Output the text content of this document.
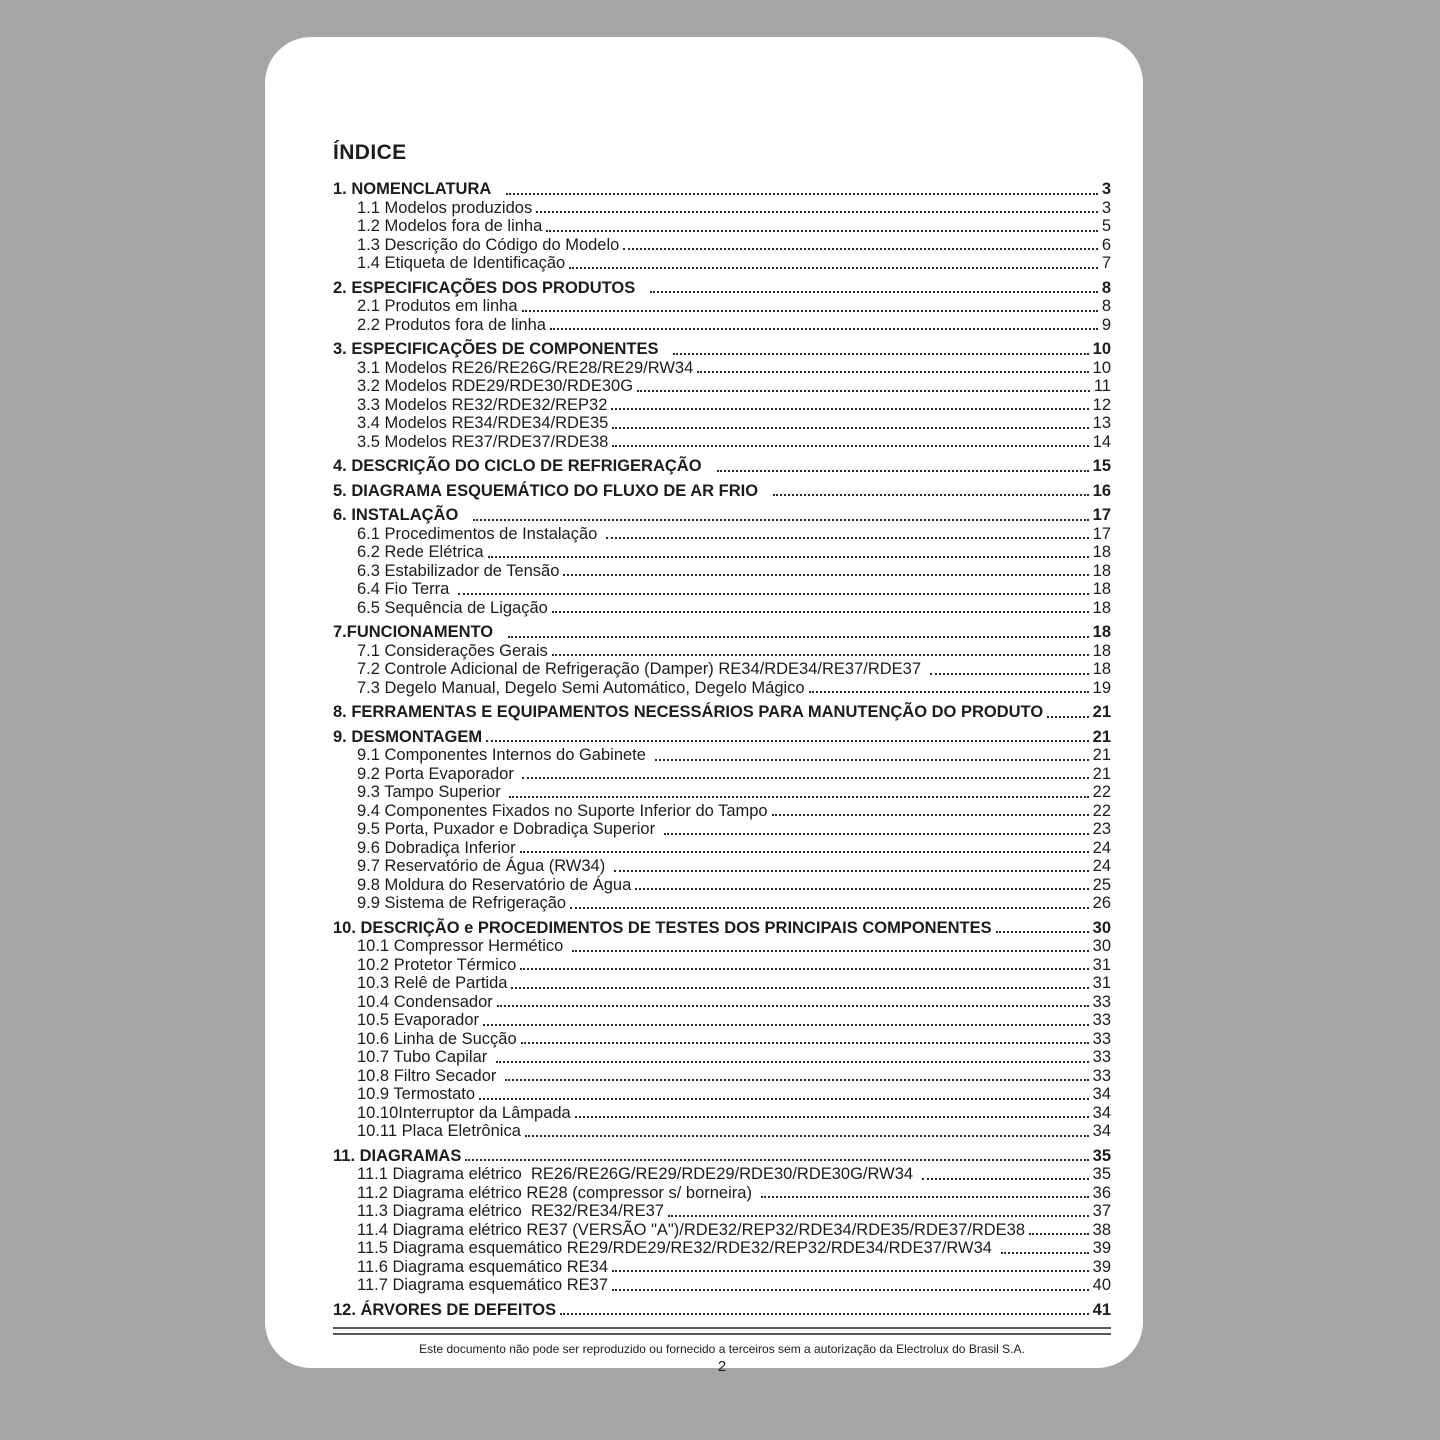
ÍNDICE
1. NOMENCLATURA	3
1.1 Modelos produzidos	3
1.2 Modelos fora de linha	5
1.3 Descrição do Código do Modelo	6
1.4 Etiqueta de Identificação	7
2. ESPECIFICAÇÕES DOS PRODUTOS	8
2.1 Produtos em linha	8
2.2 Produtos fora de linha	9
3. ESPECIFICAÇÕES DE COMPONENTES	10
3.1 Modelos RE26/RE26G/RE28/RE29/RW34	10
3.2 Modelos RDE29/RDE30/RDE30G	11
3.3 Modelos RE32/RDE32/REP32	12
3.4 Modelos RE34/RDE34/RDE35	13
3.5 Modelos RE37/RDE37/RDE38	14
4. DESCRIÇÃO DO CICLO DE REFRIGERAÇÃO	15
5. DIAGRAMA ESQUEMÁTICO DO FLUXO DE AR FRIO	16
6. INSTALAÇÃO	17
6.1 Procedimentos de Instalação	17
6.2 Rede Elétrica	18
6.3 Estabilizador de Tensão	18
6.4 Fio Terra	18
6.5 Sequência de Ligação	18
7.FUNCIONAMENTO	18
7.1 Considerações Gerais	18
7.2 Controle Adicional de Refrigeração (Damper) RE34/RDE34/RE37/RDE37	18
7.3 Degelo Manual, Degelo Semi Automático, Degelo Mágico	19
8. FERRAMENTAS E EQUIPAMENTOS NECESSÁRIOS PARA MANUTENÇÃO DO PRODUTO	21
9. DESMONTAGEM	21
9.1 Componentes Internos do Gabinete	21
9.2 Porta Evaporador	21
9.3 Tampo Superior	22
9.4 Componentes Fixados no Suporte Inferior do Tampo	22
9.5 Porta, Puxador e Dobradiça Superior	23
9.6 Dobradiça Inferior	24
9.7 Reservatório de Água (RW34)	24
9.8 Moldura do Reservatório de Água	25
9.9 Sistema de Refrigeração	26
10. DESCRIÇÃO e PROCEDIMENTOS DE TESTES DOS PRINCIPAIS COMPONENTES	30
10.1 Compressor Hermético	30
10.2 Protetor Térmico	31
10.3 Relê de Partida	31
10.4 Condensador	33
10.5 Evaporador	33
10.6 Linha de Sucção	33
10.7 Tubo Capilar	33
10.8 Filtro Secador	33
10.9 Termostato	34
10.10Interruptor da Lâmpada	34
10.11 Placa Eletrônica	34
11. DIAGRAMAS	35
11.1 Diagrama elétrico  RE26/RE26G/RE29/RDE29/RDE30/RDE30G/RW34	35
11.2 Diagrama elétrico RE28 (compressor s/ borneira)	36
11.3 Diagrama elétrico  RE32/RE34/RE37	37
11.4 Diagrama elétrico RE37 (VERSÃO "A")/RDE32/REP32/RDE34/RDE35/RDE37/RDE38	38
11.5 Diagrama esquemático RE29/RDE29/RE32/RDE32/REP32/RDE34/RDE37/RW34	39
11.6 Diagrama esquemático RE34	39
11.7 Diagrama esquemático RE37	40
12. ÁRVORES DE DEFEITOS	41

Este documento não pode ser reproduzido ou fornecido a terceiros sem a autorização da Electrolux do Brasil S.A.

2
